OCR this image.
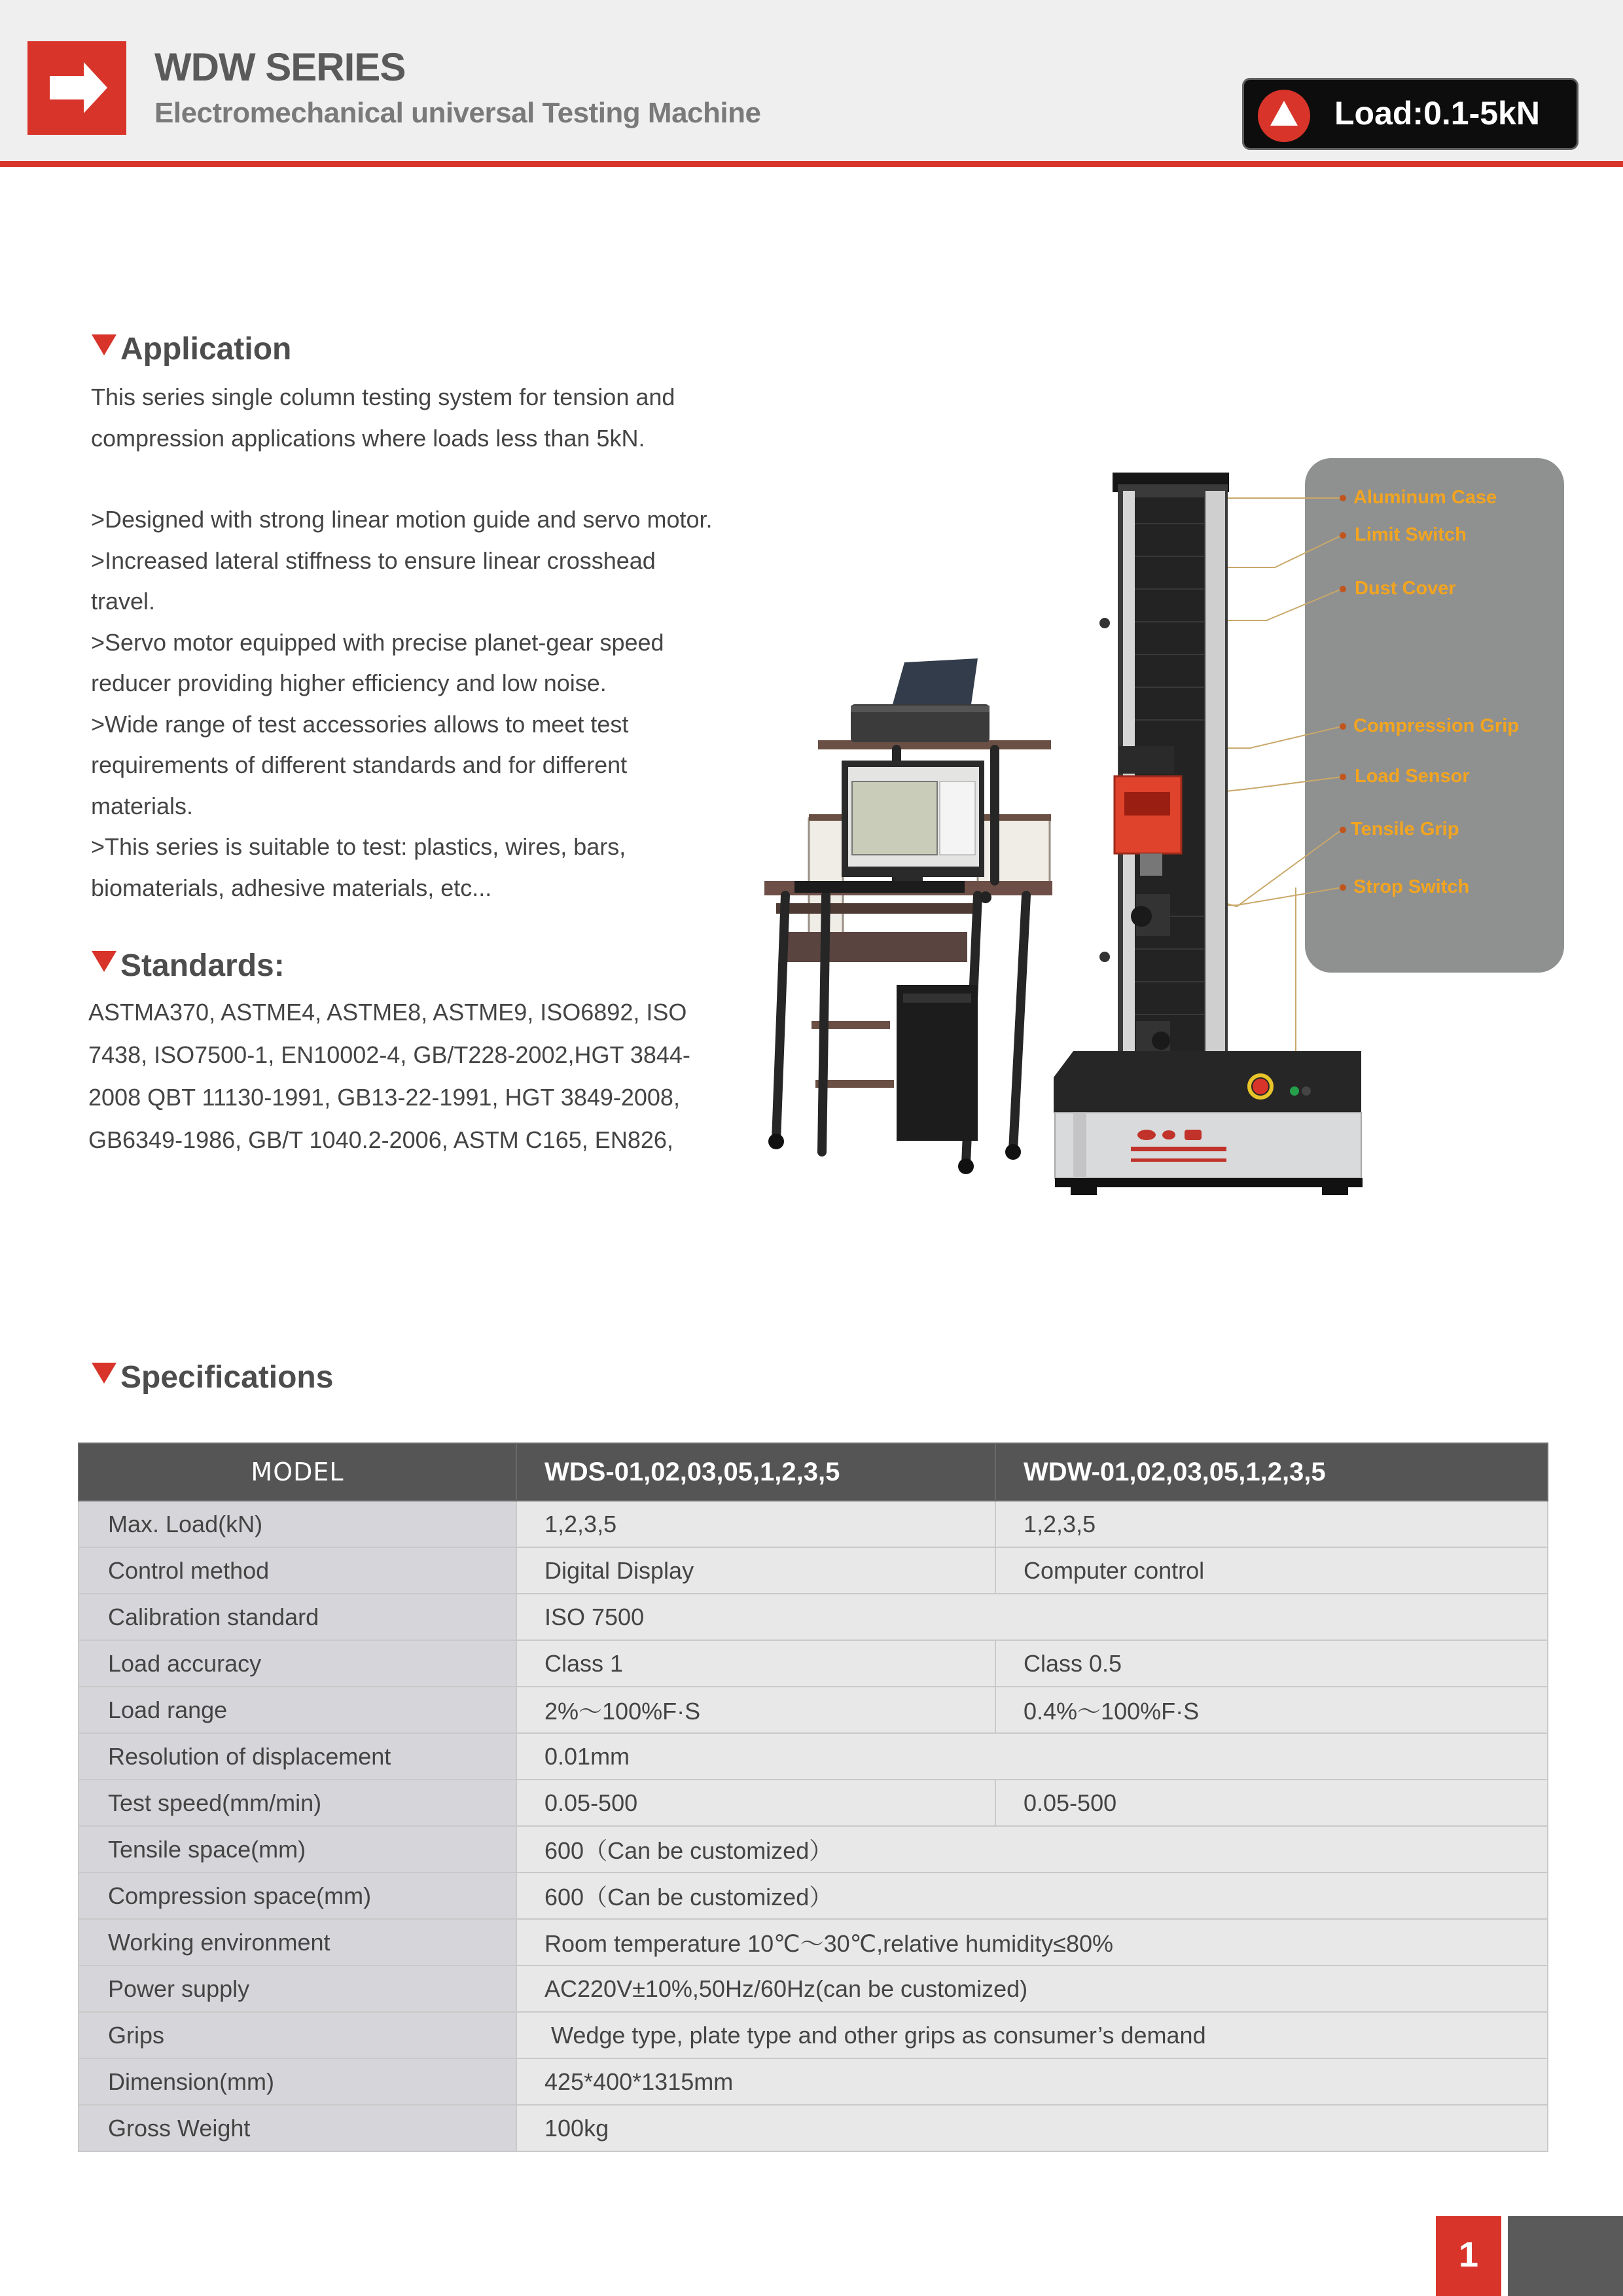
WDW SERIES
Electromechanical universal Testing Machine	Load:0.1-5kN
Application

This series single column testing system for tension and compression applications where loads less than 5kN.

>Designed with strong linear motion guide and servo motor.

>Increased lateral stiffness to ensure linear crosshead travel.

>Servo motor equipped with precise planet-gear speed reducer providing higher efficiency and low noise.

>Wide range of test accessories allows to meet test requirements of different standards and for different materials.

>This series is suitable to test: plastics, wires, bars, biomaterials, adhesive materials, etc...

Standards:
ASTMA370, ASTME4, ASTME8, ASTME9, ISO6892, ISO7438, ISO7500-1, EN10002-4, GB/T228-2002,HGT 3844-2008 QBT 11130-1991, GB13-22-1991, HGT 3849-2008,GB6349-1986, GB/T 1040.2-2006, ASTM C165, EN826,
Aluminum Case
Limit Switch
Dust Cover
Compression Grip
Load Sensor
Tensile Grip
Strop Switch
Specifications
MODEL	WDS-01,02,03,05,1,2,3,5	WDW-01,02,03,05,1,2,3,5
Max. Load(kN)	1,2,3,5	1,2,3,5
Control method	Digital Display	Computer control
Calibration standard	ISO 7500	
Load accuracy	Class 1	Class 0.5
Load range	2%～100%F·S	0.4%～100%F·S
Resolution of displacement	0.01mm	
Test speed(mm/min)	0.05-500	0.05-500
Tensile space(mm)	600（Can be customized）	
Compression space(mm)	600（Can be customized）	
Working environment	Room temperature 10℃～30℃,relative humidity≤80%	
Power supply	AC220V±10%,50Hz/60Hz(can be customized)	
Grips	Wedge type, plate type and other grips as consumer’s demand	
Dimension(mm)	425*400*1315mm	
Gross Weight	100kg	
1
